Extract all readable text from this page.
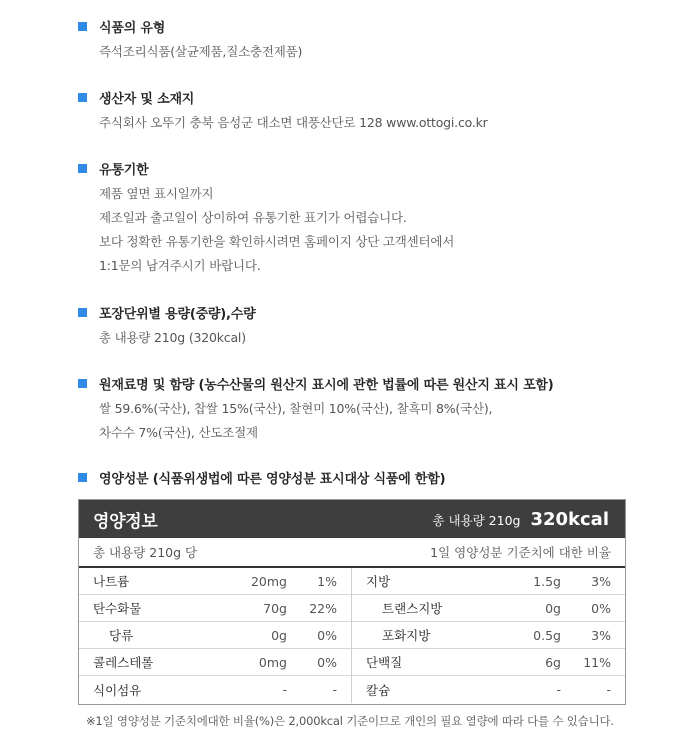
식품의 유형
즉석조리식품(살균제품,질소충전제품)
생산자 및 소재지
주식회사 오뚜기 충북 음성군 대소면 대풍산단로 128 www.ottogi.co.kr
유통기한
제품 옆면 표시일까지
제조일과 출고일이 상이하여 유통기한 표기가 어렵습니다.
보다 정확한 유통기한을 확인하시려면 홈페이지 상단 고객센터에서
1:1문의 남겨주시기 바랍니다.
포장단위별 용량(중량),수량
총 내용량 210g (320kcal)
원재료명 및 함량 (농수산물의 원산지 표시에 관한 법률에 따른 원산지 표시 포함)
쌀 59.6%(국산), 찹쌀 15%(국산), 찰현미 10%(국산), 찰흑미 8%(국산),
차수수 7%(국산), 산도조절제
영양성분 (식품위생법에 따른 영양성분 표시대상 식품에 한함)
영양정보	총 내용량 210g 320kcal
총 내용량 210g 당	1일 영양성분 기준치에 대한 비율
나트륨	20mg	1%
탄수화물	70g	22%
당류	0g	0%
콜레스테롤	0mg	0%
식이섬유	-	-
지방	1.5g	3%
트랜스지방	0g	0%
포화지방	0.5g	3%
단백질	6g	11%
칼슘	-	-
※1일 영양성분 기준치에대한 비율(%)은 2,000kcal 기준이므로 개인의 필요 열량에 따라 다를 수 있습니다.
